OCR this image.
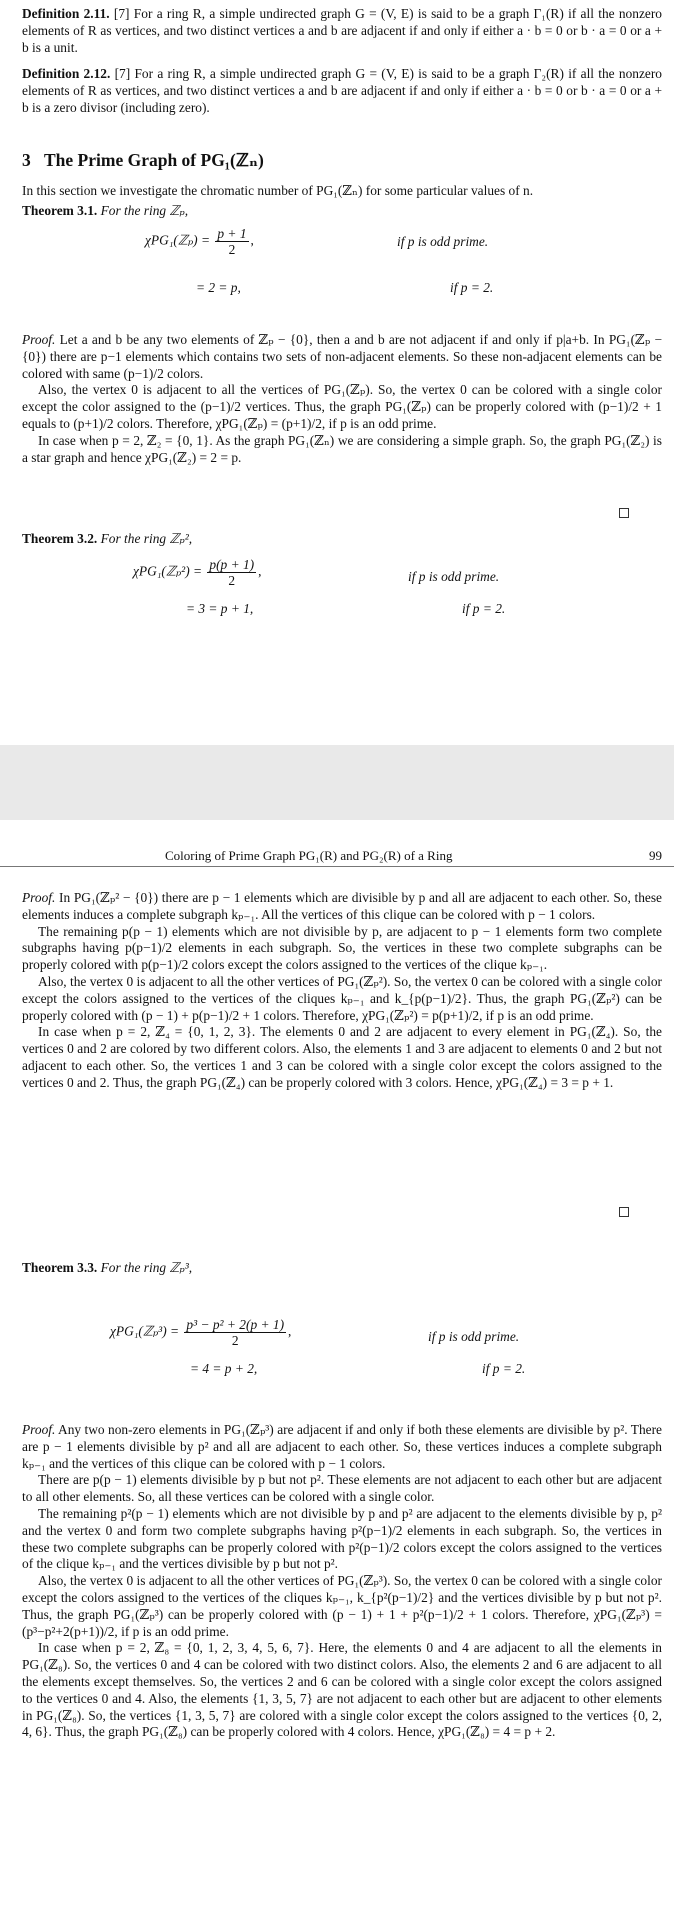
Definition 2.11. [7] For a ring R, a simple undirected graph G = (V, E) is said to be a graph Γ₁(R) if all the nonzero elements of R as vertices, and two distinct vertices a and b are adjacent if and only if either a · b = 0 or b · a = 0 or a + b is a unit.

Definition 2.12. [7] For a ring R, a simple undirected graph G = (V, E) is said to be a graph Γ₂(R) if all the nonzero elements of R as vertices, and two distinct vertices a and b are adjacent if and only if either a · b = 0 or b · a = 0 or a + b is a zero divisor (including zero).

3 The Prime Graph of PG₁(ℤₙ)

In this section we investigate the chromatic number of PG₁(ℤₙ) for some particular values of n.

Theorem 3.1. For the ring ℤₚ,

χPG₁(ℤₚ) = $\frac{p + 1}{2}$ ,	if p is odd prime.
= 2 = p,	if p = 2.

Proof. Let a and b be any two elements of ℤₚ − {0}, then a and b are not adjacent if and only if p|a+b. In PG₁(ℤₚ − {0}) there are p−1 elements which contains two sets of non-adjacent elements. So these non-adjacent elements can be colored with same (p−1)/2 colors.

Also, the vertex 0 is adjacent to all the vertices of PG₁(ℤₚ). So, the vertex 0 can be colored with a single color except the color assigned to the (p−1)/2 vertices. Thus, the graph PG₁(ℤₚ) can be properly colored with (p−1)/2 + 1 equals to (p+1)/2 colors. Therefore, χPG₁(ℤₚ) = (p+1)/2, if p is an odd prime.

In case when p = 2, ℤ₂ = {0, 1}. As the graph PG₁(ℤₙ) we are considering a simple graph. So, the graph PG₁(ℤ₂) is a star graph and hence χPG₁(ℤ₂) = 2 = p.

Theorem 3.2. For the ring ℤₚ²,

χPG₁(ℤₚ²) = $\frac{p(p + 1)}{2}$ ,	if p is odd prime.
= 3 = p + 1,	if p = 2.
Coloring of Prime Graph PG₁(R) and PG₂(R) of a Ring	99

Proof. In PG₁(ℤₚ² − {0}) there are p − 1 elements which are divisible by p and all are adjacent to each other. So, these elements induces a complete subgraph kₚ₋₁. All the vertices of this clique can be colored with p − 1 colors.

The remaining p(p − 1) elements which are not divisible by p, are adjacent to p − 1 elements form two complete subgraphs having p(p−1)/2 elements in each subgraph. So, the vertices in these two complete subgraphs can be properly colored with p(p−1)/2 colors except the colors assigned to the vertices of the clique kₚ₋₁.

Also, the vertex 0 is adjacent to all the other vertices of PG₁(ℤₚ²). So, the vertex 0 can be colored with a single color except the colors assigned to the vertices of the cliques kₚ₋₁ and k_{p(p−1)/2}. Thus, the graph PG₁(ℤₚ²) can be properly colored with (p − 1) + p(p−1)/2 + 1 colors. Therefore, χPG₁(ℤₚ²) = p(p+1)/2, if p is an odd prime.

In case when p = 2, ℤ₄ = {0, 1, 2, 3}. The elements 0 and 2 are adjacent to every element in PG₁(ℤ₄). So, the vertices 0 and 2 are colored by two different colors. Also, the elements 1 and 3 are adjacent to elements 0 and 2 but not adjacent to each other. So, the vertices 1 and 3 can be colored with a single color except the colors assigned to the vertices 0 and 2. Thus, the graph PG₁(ℤ₄) can be properly colored with 3 colors. Hence, χPG₁(ℤ₄) = 3 = p + 1.

Theorem 3.3. For the ring ℤₚ³,

χPG₁(ℤₚ³) = $\frac{\text{p³ − p² + 2(p + 1)}}{2}$ ,	if p is odd prime.
= 4 = p + 2,	if p = 2.

Proof. Any two non-zero elements in PG₁(ℤₚ³) are adjacent if and only if both these elements are divisible by p². There are p − 1 elements divisible by p² and all are adjacent to each other. So, these vertices induces a complete subgraph kₚ₋₁ and the vertices of this clique can be colored with p − 1 colors.

There are p(p − 1) elements divisible by p but not p². These elements are not adjacent to each other but are adjacent to all other elements. So, all these vertices can be colored with a single color.

The remaining p²(p − 1) elements which are not divisible by p and p² are adjacent to the elements divisible by p, p² and the vertex 0 and form two complete subgraphs having p²(p−1)/2 elements in each subgraph. So, the vertices in these two complete subgraphs can be properly colored with p²(p−1)/2 colors except the colors assigned to the vertices of the clique kₚ₋₁ and the vertices divisible by p but not p².

Also, the vertex 0 is adjacent to all the other vertices of PG₁(ℤₚ³). So, the vertex 0 can be colored with a single color except the colors assigned to the vertices of the cliques kₚ₋₁, k_{p²(p−1)/2} and the vertices divisible by p but not p². Thus, the graph PG₁(ℤₚ³) can be properly colored with (p − 1) + 1 + p²(p−1)/2 + 1 colors. Therefore, χPG₁(ℤₚ³) = (p³−p²+2(p+1))/2, if p is an odd prime.

In case when p = 2, ℤ₈ = {0, 1, 2, 3, 4, 5, 6, 7}. Here, the elements 0 and 4 are adjacent to all the elements in PG₁(ℤ₈). So, the vertices 0 and 4 can be colored with two distinct colors. Also, the elements 2 and 6 are adjacent to all the elements except themselves. So, the vertices 2 and 6 can be colored with a single color except the colors assigned to the vertices 0 and 4. Also, the elements {1, 3, 5, 7} are not adjacent to each other but are adjacent to other elements in PG₁(ℤ₈). So, the vertices {1, 3, 5, 7} are colored with a single color except the colors assigned to the vertices {0, 2, 4, 6}. Thus, the graph PG₁(ℤ₈) can be properly colored with 4 colors. Hence, χPG₁(ℤ₈) = 4 = p + 2.
